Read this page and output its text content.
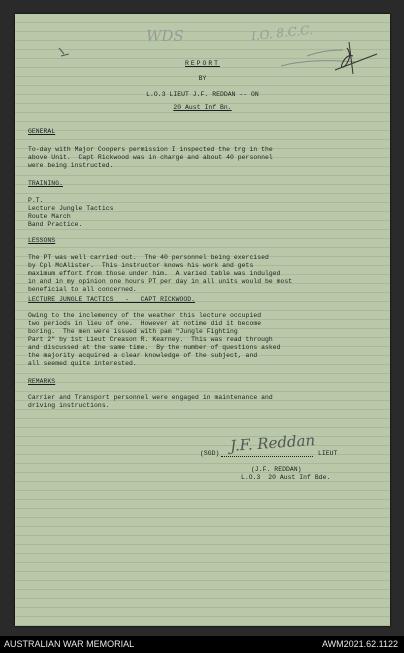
WDS	I.O. 8.C.C.
REPORT
BY
L.O.3 LIEUT J.F. REDDAN -- ON
20 Aust Inf Bn.
GENERAL
To-day with Major Coopers permission I inspected the trg in the
above Unit.  Capt Rickwood was in charge and about 40 personnel
were being instructed.
TRAINING.
P.T.
Lecture Jungle Tactics
Route March
Band Practice.
LESSONS
The PT was well carried out.  The 40 personnel being exercised
by Cpl McAlister.  This instructor knows his work and gets
maximum effort from those under him.  A varied table was indulged
in and in my opinion one hours PT per day in all units would be most
beneficial to all concerned.
LECTURE JUNGLE TACTICS   -   CAPT RICKWOOD.
Owing to the inclemency of the weather this lecture occupied
two periods in lieu of one.  However at notime did it become
boring.  The men were issued with pam "Jungle Fighting
Part 2" by 1st Lieut Creason R. Kearney.  This was read through
and discussed at the same time.  By the number of questions asked
the majority acquired a clear knowledge of the subject, and
all seemed quite interested.
REMARKS
Carrier and Transport personnel were engaged in maintenance and
driving instructions.
(SGD) J.F. Reddan LIEUT
(J.F. REDDAN)
L.O.3  20 Aust Inf Bde.
AUSTRALIAN WAR MEMORIAL	AWM2021.62.1122
